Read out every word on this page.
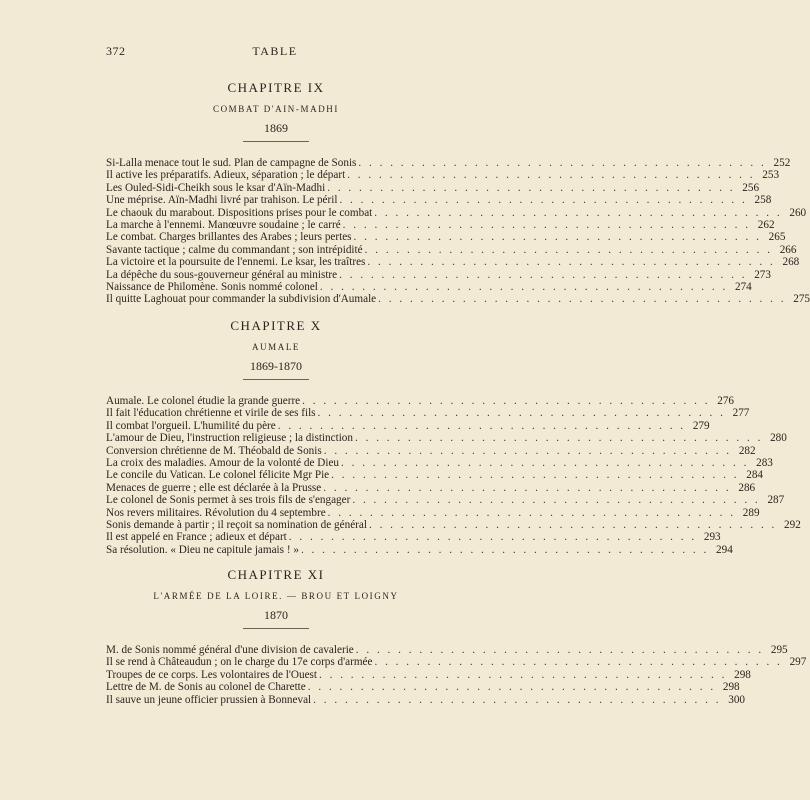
372	TABLE
CHAPITRE IX
COMBAT D'AIN-MADHI
1869
Si-Lalla menace tout le sud. Plan de campagne de Sonis . . .	252
Il active les préparatifs. Adieux, séparation ; le départ . . .	253
Les Ouled-Sidi-Cheikh sous le ksar d'Aïn-Madhi . . .	256
Une méprise. Aïn-Madhi livré par trahison. Le péril . . .	258
Le chaouk du marabout. Dispositions prises pour le combat . . .	260
La marche à l'ennemi. Manœuvre soudaine ; le carré . . .	262
Le combat. Charges brillantes des Arabes ; leurs pertes . . .	265
Savante tactique ; calme du commandant ; son intrépidité . . .	266
La victoire et la poursuite de l'ennemi. Le ksar, les traîtres . . .	268
La dépêche du sous-gouverneur général au ministre . . .	273
Naissance de Philomène. Sonis nommé colonel . . .	274
Il quitte Laghouat pour commander la subdivision d'Aumale . . .	275
CHAPITRE X
AUMALE
1869-1870
Aumale. Le colonel étudie la grande guerre . . .	276
Il fait l'éducation chrétienne et virile de ses fils . . .	277
Il combat l'orgueil. L'humilité du père . . .	279
L'amour de Dieu, l'instruction religieuse ; la distinction . . .	280
Conversion chrétienne de M. Théobald de Sonis . . .	282
La croix des maladies. Amour de la volonté de Dieu . . .	283
Le concile du Vatican. Le colonel félicite Mgr Pie . . .	284
Menaces de guerre ; elle est déclarée à la Prusse . . .	286
Le colonel de Sonis permet à ses trois fils de s'engager . . .	287
Nos revers militaires. Révolution du 4 septembre . . .	289
Sonis demande à partir ; il reçoit sa nomination de général . . .	292
Il est appelé en France ; adieux et départ . . .	293
Sa résolution. « Dieu ne capitule jamais ! » . . .	294
CHAPITRE XI
L'ARMÉE DE LA LOIRE. — BROU ET LOIGNY
1870
M. de Sonis nommé général d'une division de cavalerie . . .	295
Il se rend à Châteaudun ; on le charge du 17e corps d'armée . . .	297
Troupes de ce corps. Les volontaires de l'Ouest . . .	298
Lettre de M. de Sonis au colonel de Charette . . .	298
Il sauve un jeune officier prussien à Bonneval . . .	300
